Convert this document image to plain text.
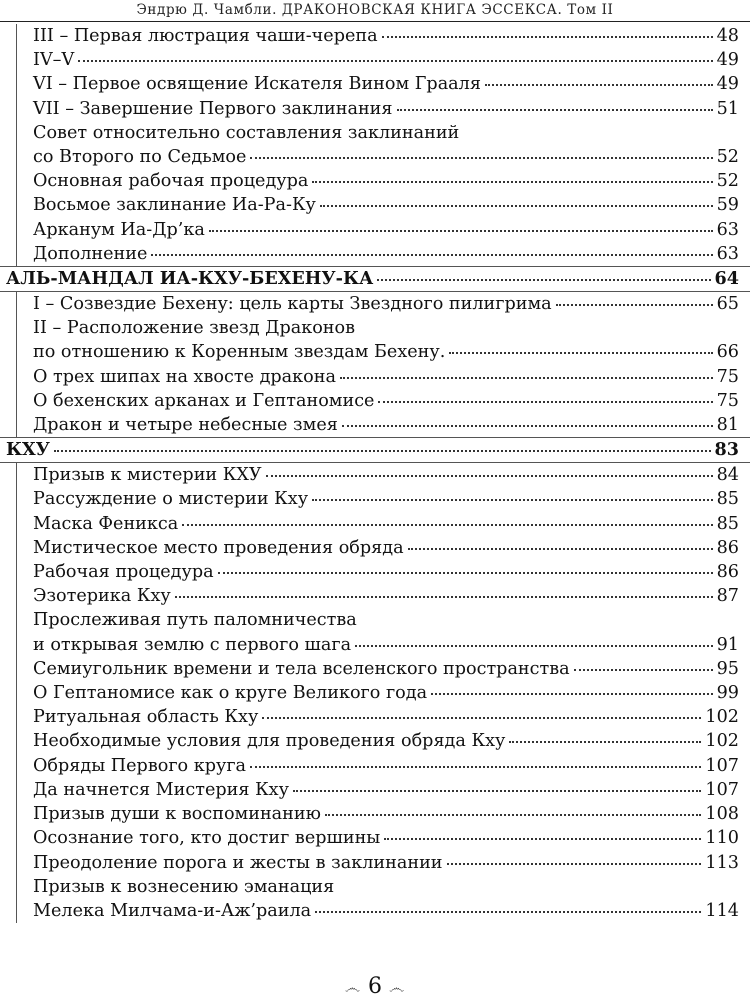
Эндрю Д. Чамбли. ДРАКОНОВСКАЯ КНИГА ЭССЕКСА. Том II
III – Первая люстрация чаши-черепа	48
IV–V	49
VI – Первое освящение Искателя Вином Грааля	49
VII – Завершение Первого заклинания	51
Совет относительно составления заклинаний
со Второго по Седьмое	52
Основная рабочая процедура	52
Восьмое заклинание Иа-Ра-Ку	59
Арканум Иа-Др’ка	63
Дополнение	63
АЛЬ-МАНДАЛ ИА-КХУ-БЕХЕНУ-КА	64
I – Созвездие Бехену: цель карты Звездного пилигрима	65
II – Расположение звезд Драконов
по отношению к Коренным звездам Бехену.	66
О трех шипах на хвосте дракона	75
О бехенских арканах и Гептаномисе	75
Дракон и четыре небесные змея	81
КХУ	83
Призыв к мистерии КХУ	84
Рассуждение о мистерии Кху	85
Маска Феникса	85
Мистическое место проведения обряда	86
Рабочая процедура	86
Эзотерика Кху	87
Прослеживая путь паломничества
и открывая землю с первого шага	91
Семиугольник времени и тела вселенского пространства	95
О Гептаномисе как о круге Великого года	99
Ритуальная область Кху	102
Необходимые условия для проведения обряда Кху	102
Обряды Первого круга	107
Да начнется Мистерия Кху	107
Призыв души к воспоминанию	108
Осознание того, кто достиг вершины	110
Преодоление порога и жесты в заклинании	113
Призыв к вознесению эманация
Мелека Милчама-и-Аж’раила	114
෴ 6 ෴
